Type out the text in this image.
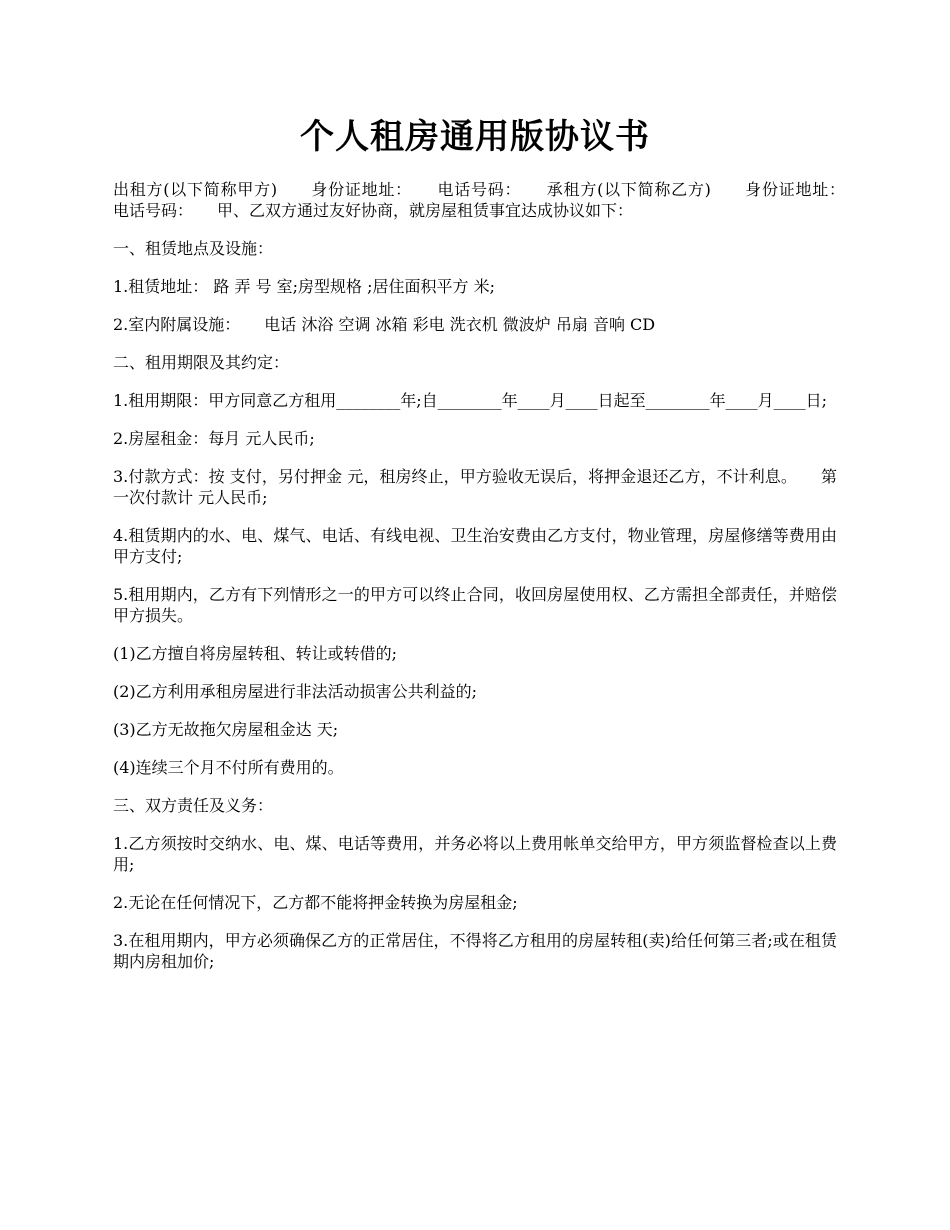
个人租房通用版协议书

出租方(以下简称甲方)　　身份证地址：　　电话号码：　　承租方(以下简称乙方)　　身份证地址：　　电话号码：　　甲、乙双方通过友好协商，就房屋租赁事宜达成协议如下：

一、租赁地点及设施：

1.租赁地址： 路 弄 号 室;房型规格 ;居住面积平方 米;

2.室内附属设施：　　电话 沐浴 空调 冰箱 彩电 洗衣机 微波炉 吊扇 音响 CD

二、租用期限及其约定：

1.租用期限：甲方同意乙方租用________年;自________年____月____日起至________年____月____日;

2.房屋租金：每月 元人民币;

3.付款方式：按 支付，另付押金 元，租房终止，甲方验收无误后，将押金退还乙方，不计利息。　　第一次付款计 元人民币;

4.租赁期内的水、电、煤气、电话、有线电视、卫生治安费由乙方支付，物业管理，房屋修缮等费用由甲方支付;

5.租用期内，乙方有下列情形之一的甲方可以终止合同，收回房屋使用权、乙方需担全部责任，并赔偿甲方损失。

(1)乙方擅自将房屋转租、转让或转借的;

(2)乙方利用承租房屋进行非法活动损害公共利益的;

(3)乙方无故拖欠房屋租金达 天;

(4)连续三个月不付所有费用的。

三、双方责任及义务：

1.乙方须按时交纳水、电、煤、电话等费用，并务必将以上费用帐单交给甲方，甲方须监督检查以上费用;

2.无论在任何情况下，乙方都不能将押金转换为房屋租金;

3.在租用期内，甲方必须确保乙方的正常居住，不得将乙方租用的房屋转租(卖)给任何第三者;或在租赁期内房租加价;
